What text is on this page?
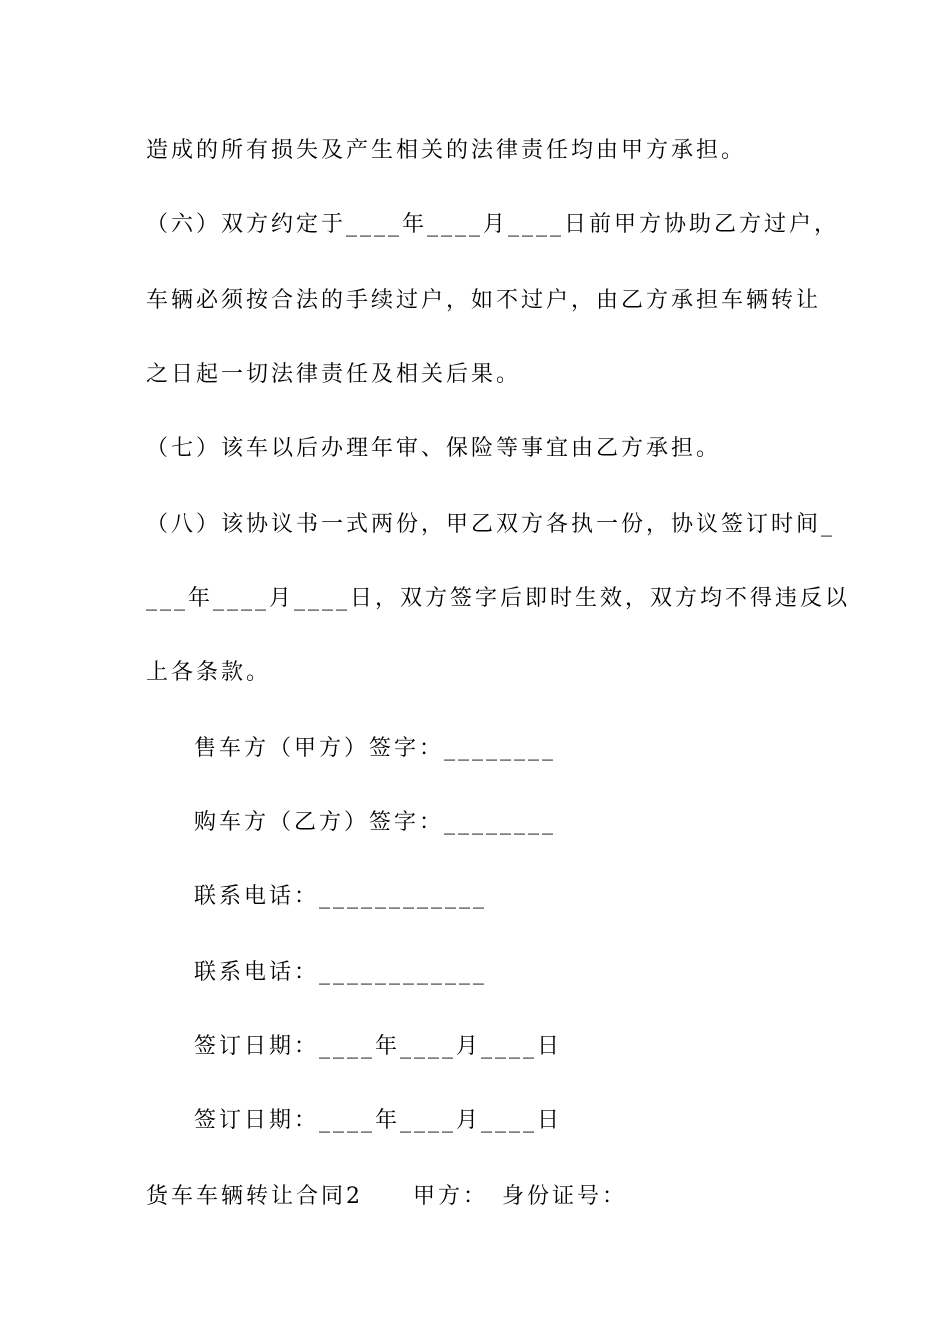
造成的所有损失及产生相关的法律责任均由甲方承担。
（六）双方约定于____年____月____日前甲方协助乙方过户，
车辆必须按合法的手续过户，如不过户，由乙方承担车辆转让
之日起一切法律责任及相关后果。
（七）该车以后办理年审、保险等事宜由乙方承担。
（八）该协议书一式两份，甲乙双方各执一份，协议签订时间_
___年____月____日，双方签字后即时生效，双方均不得违反以
上各条款。
售车方（甲方）签字：________
购车方（乙方）签字：________
联系电话：____________
联系电话：____________
签订日期：____年____月____日
签订日期：____年____月____日
货车车辆转让合同2　　甲方：　身份证号：
